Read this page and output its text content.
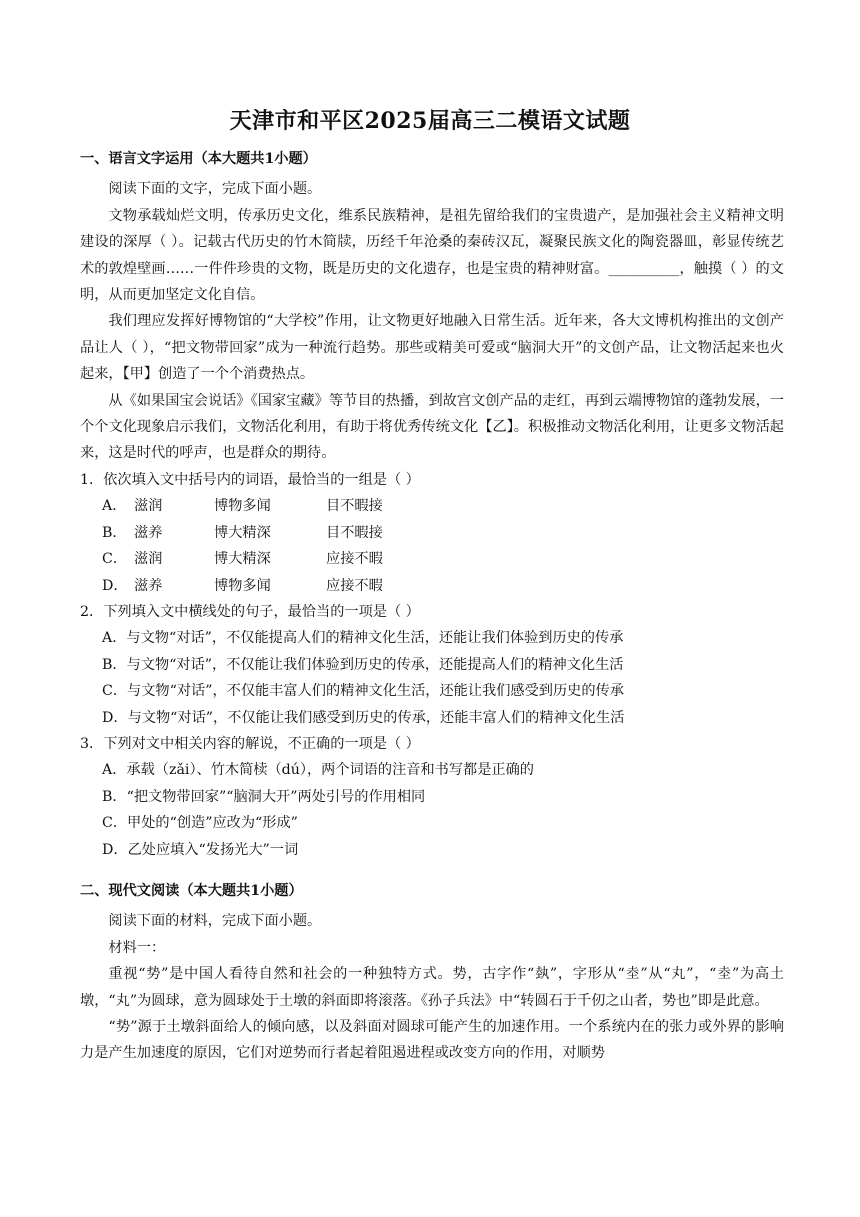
天津市和平区2025届高三二模语文试题
一、语言文字运用（本大题共1小题）

阅读下面的文字，完成下面小题。

文物承载灿烂文明，传承历史文化，维系民族精神，是祖先留给我们的宝贵遗产，是加强社会主义精神文明建设的深厚（ ）。记载古代历史的竹木简牍，历经千年沧桑的秦砖汉瓦，凝聚民族文化的陶瓷器皿，彰显传统艺术的敦煌壁画……一件件珍贵的文物，既是历史的文化遗存，也是宝贵的精神财富。__________，触摸（ ）的文明，从而更加坚定文化自信。

我们理应发挥好博物馆的“大学校”作用，让文物更好地融入日常生活。近年来，各大文博机构推出的文创产品让人（ ），“把文物带回家”成为一种流行趋势。那些或精美可爱或“脑洞大开”的文创产品，让文物活起来也火起来，【甲】创造了一个个消费热点。

从《如果国宝会说话》《国家宝藏》等节目的热播，到故宫文创产品的走红，再到云端博物馆的蓬勃发展，一个个文化现象启示我们，文物活化利用，有助于将优秀传统文化【乙】。积极推动文物活化利用，让更多文物活起来，这是时代的呼声，也是群众的期待。

1．依次填入文中括号内的词语，最恰当的一组是（ ）
A． 滋润	博物多闻	目不暇接
B． 滋养	博大精深	目不暇接
C． 滋润	博大精深	应接不暇
D． 滋养	博物多闻	应接不暇
2．下列填入文中横线处的句子，最恰当的一项是（ ）
A．与文物“对话”，不仅能提高人们的精神文化生活，还能让我们体验到历史的传承
B．与文物“对话”，不仅能让我们体验到历史的传承，还能提高人们的精神文化生活
C．与文物“对话”，不仅能丰富人们的精神文化生活，还能让我们感受到历史的传承
D．与文物“对话”，不仅能让我们感受到历史的传承，还能丰富人们的精神文化生活
3．下列对文中相关内容的解说，不正确的一项是（ ）
A．承载（zǎi）、竹木简椟（dú），两个词语的注音和书写都是正确的
B．“把文物带回家”“脑洞大开”两处引号的作用相同
C．甲处的“创造”应改为“形成”
D．乙处应填入“发扬光大”一词
二、现代文阅读（本大题共1小题）

阅读下面的材料，完成下面小题。

材料一：

重视“势”是中国人看待自然和社会的一种独特方式。势，古字作“埶”，字形从“坴”从“丸”，“坴”为高土墩，“丸”为圆球，意为圆球处于土墩的斜面即将滚落。《孙子兵法》中“转圆石于千仞之山者，势也”即是此意。

“势”源于土墩斜面给人的倾向感，以及斜面对圆球可能产生的加速作用。一个系统内在的张力或外界的影响力是产生加速度的原因，它们对逆势而行者起着阻遏进程或改变方向的作用，对顺势
